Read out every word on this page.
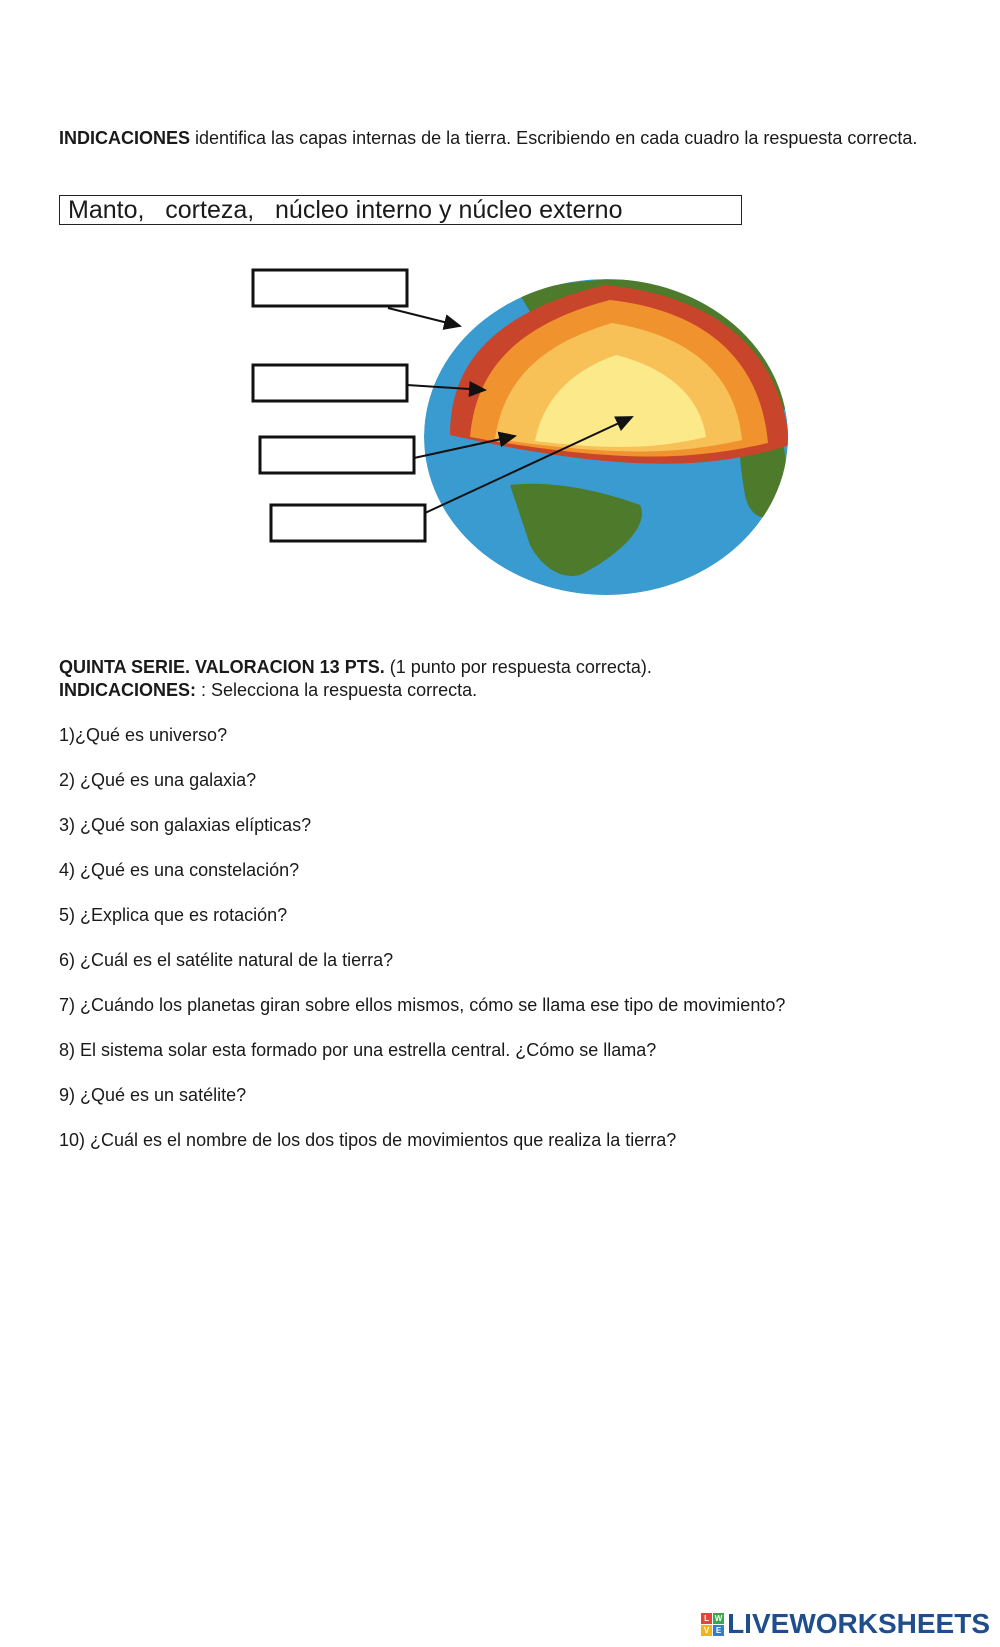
INDICACIONES identifica las capas internas de la tierra. Escribiendo en cada cuadro la respuesta correcta.
Manto,   corteza,   núcleo interno y núcleo externo
QUINTA SERIE. VALORACION 13 PTS. (1 punto por respuesta correcta).
INDICACIONES: : Selecciona la respuesta correcta.
1)¿Qué es universo?
2) ¿Qué es una galaxia?
3) ¿Qué son galaxias elípticas?
4) ¿Qué es una constelación?
5) ¿Explica que es rotación?
6) ¿Cuál es el satélite natural de la tierra?
7) ¿Cuándo los planetas giran sobre ellos mismos, cómo se llama ese tipo de movimiento?
8) El sistema solar esta formado por una estrella central. ¿Cómo se llama?
9) ¿Qué es un satélite?
10) ¿Cuál es el nombre de los dos tipos de movimientos que realiza la tierra?
L W
V E LIVEWORKSHEETS
